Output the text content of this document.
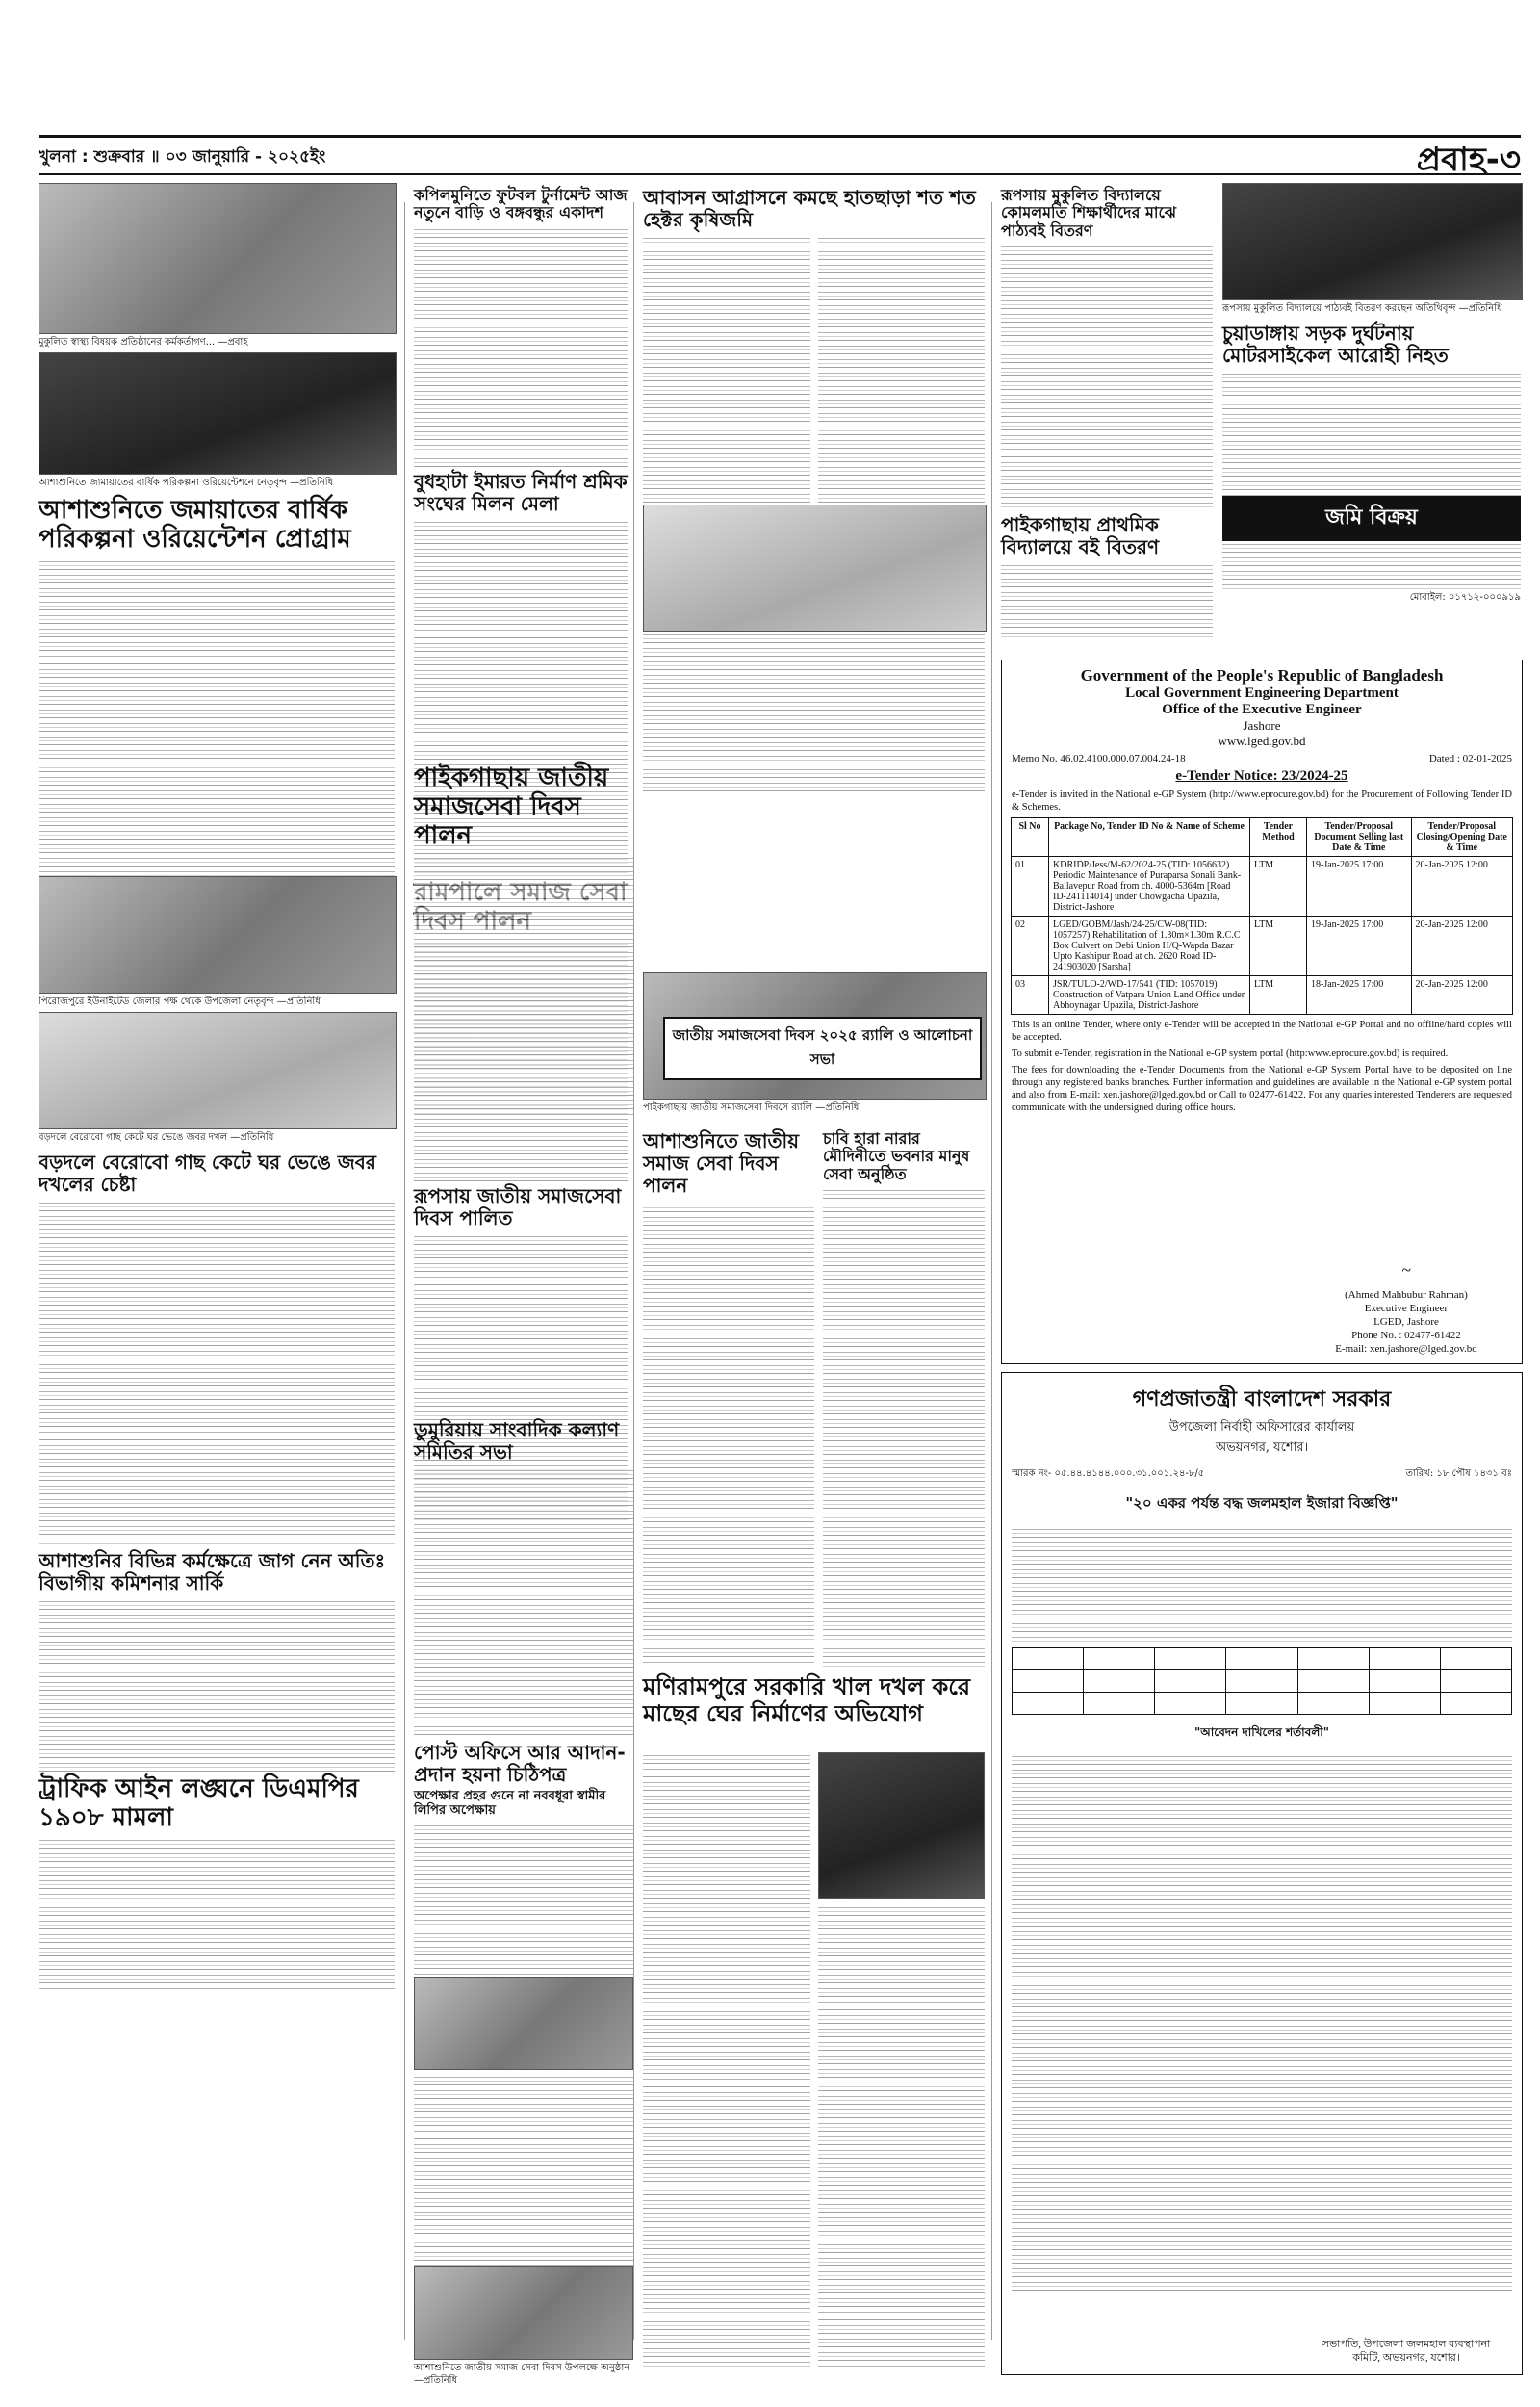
খুলনা : শুক্রবার ॥ ০৩ জানুয়ারি - ২০২৫ইং	প্রবাহ-৩
মুকুলিত স্বাস্থ্য বিষয়ক প্রতিষ্ঠানের কর্মকর্তাগণ... —প্রবাহ
আশাশুনিতে জামায়াতের বার্ষিক পরিকল্পনা ওরিয়েন্টেশনে নেতৃবৃন্দ —প্রতিনিধি
আশাশুনিতে জমায়াতের বার্ষিক পরিকল্পনা ওরিয়েন্টেশন প্রোগ্রাম
পিরোজপুরে ইউনাইটেড জেলার পক্ষ থেকে উপজেলা নেতৃবৃন্দ —প্রতিনিধি
বড়দলে বেরোবো গাছ কেটে ঘর ভেঙে জবর দখল —প্রতিনিধি
বড়দলে বেরোবো গাছ কেটে ঘর ভেঙে জবর দখলের চেষ্টা
আশাশুনির বিভিন্ন কর্মক্ষেত্রে জাগ নেন অতিঃ বিভাগীয় কমিশনার সার্কি
ট্রাফিক আইন লঙ্ঘনে ডিএমপির ১৯০৮ মামলা
কপিলমুনিতে ফুটবল টুর্নামেন্ট আজ নতুনে বাড়ি ও বঙ্গবন্ধুর একাদশ
বুধহাটা ইমারত নির্মাণ শ্রমিক সংঘের মিলন মেলা
রূপসায় জাতীয় সমাজসেবা দিবস পালিত
আবাসন আগ্রাসনে কমছে হাতছাড়া শত শত হেক্টর কৃষিজমি
পাইকগাছায় জাতীয় সমাজসেবা দিবস পালন
জাতীয় সমাজসেবা দিবস ২০২৫ র‍্যালি ও আলোচনা সভা
পাইকগাছায় জাতীয় সমাজসেবা দিবসে র‍্যালি —প্রতিনিধি
আশাশুনিতে জাতীয় সমাজ সেবা দিবস পালন
চাবি হারা নারার মৌদিনীতে ভবনার মানুষ সেবা অনুষ্ঠিত
ডুমুরিয়ায় সাংবাদিক কল্যাণ সমিতির সভা
মণিরামপুরে সরকারি খাল দখল করে মাছের ঘের নির্মাণের অভিযোগ
পোস্ট অফিসে আর আদান-প্রদান হয়না চিঠিপত্র
অপেক্ষার প্রহর গুনে না নববধূরা স্বামীর লিপির অপেক্ষায়
আশাশুনিতে জাতীয় সমাজ সেবা দিবস উপলক্ষে অনুষ্ঠান —প্রতিনিধি
রূপসায় মুকুলিত বিদ্যালয়ে কোমলমতি শিক্ষার্থীদের মাঝে পাঠ্যবই বিতরণ
রূপসায় মুকুলিত বিদ্যালয়ে পাঠ্যবই বিতরণ করছেন অতিথিবৃন্দ —প্রতিনিধি
চুয়াডাঙ্গায় সড়ক দুর্ঘটনায় মোটরসাইকেল আরোহী নিহত
জমি বিক্রয়
মোবাইল: ০১৭১২-০০০৯১৯
পাইকগাছায় প্রাথমিক বিদ্যালয়ে বই বিতরণ
Government of the People's Republic of Bangladesh
Local Government Engineering Department
Office of the Executive Engineer
Jashore
www.lged.gov.bd
Memo No. 46.02.4100.000.07.004.24-18	Dated : 02-01-2025
e-Tender Notice: 23/2024-25

e-Tender is invited in the National e-GP System (http://www.eprocure.gov.bd) for the Procurement of Following Tender ID & Schemes.

Sl No	Package No, Tender ID No & Name of Scheme	Tender Method	Tender/Proposal Document Selling last Date & Time	Tender/Proposal Closing/Opening Date & Time
01	KDRIDP/Jess/M-62/2024-25 (TID: 1056632) Periodic Maintenance of Puraparsa Sonali Bank-Ballavepur Road from ch. 4000-5364m [Road ID-241114014] under Chowgacha Upazila, District-Jashore	LTM	19-Jan-2025 17:00	20-Jan-2025 12:00
02	LGED/GOBM/Jash/24-25/CW-08(TID: 1057257) Rehabilitation of 1.30m×1.30m R.C.C Box Culvert on Debi Union H/Q-Wapda Bazar Upto Kashipur Road at ch. 2620 Road ID-241903020 [Sarsha]	LTM	19-Jan-2025 17:00	20-Jan-2025 12:00
03	JSR/TULO-2/WD-17/541 (TID: 1057019) Construction of Vatpara Union Land Office under Abhoynagar Upazila, District-Jashore	LTM	18-Jan-2025 17:00	20-Jan-2025 12:00

This is an online Tender, where only e-Tender will be accepted in the National e-GP Portal and no offline/hard copies will be accepted.

To submit e-Tender, registration in the National e-GP system portal (http:www.eprocure.gov.bd) is required.

The fees for downloading the e-Tender Documents from the National e-GP System Portal have to be deposited on line through any registered banks branches. Further information and guidelines are available in the National e-GP system portal and also from E-mail: xen.jashore@lged.gov.bd or Call to 02477-61422. For any quaries interested Tenderers are requested communicate with the undersigned during office hours.

~
(Ahmed Mahbubur Rahman)
Executive Engineer
LGED, Jashore
Phone No. : 02477-61422
E-mail: xen.jashore@lged.gov.bd
গণপ্রজাতন্ত্রী বাংলাদেশ সরকার
উপজেলা নির্বাহী অফিসারের কার্যালয়
অভয়নগর, যশোর।
স্মারক নং- ০৫.৪৪.৪১৪৪.০০০.৩১.০০১.২৪-৮/৫	তারিখ: ১৮ পৌষ ১৪৩১ বঃ
"২০ একর পর্যন্ত বদ্ধ জলমহাল ইজারা বিজ্ঞপ্তি"

"আবেদন দাখিলের শর্তাবলী"
সভাপতি, উপজেলা জলমহাল ব্যবস্থাপনা কমিটি, অভয়নগর, যশোর।
